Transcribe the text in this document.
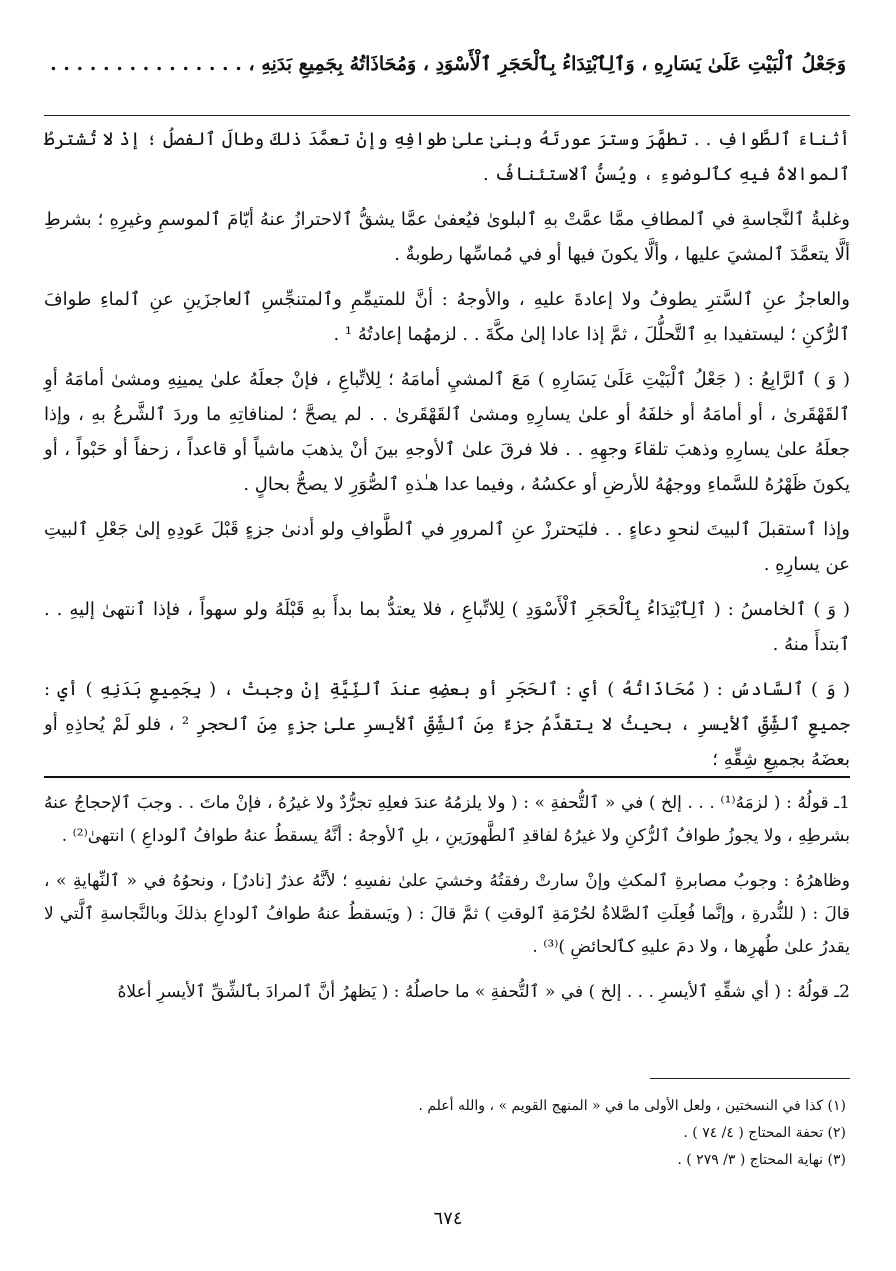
وَجَعْلُ ٱلْبَيْتِ عَلَىٰ يَسَارِهِ ، وَٱلِٱبْتِدَاءُ بِٱلْحَجَرِ ٱلْأَسْوَدِ ، وَمُحَاذَاتُهُ بِجَمِيعِ بَدَنِهِ ، . . . . . . . . . . . . . . .

أثناءَ ٱلطَّوافِ . . تطهَّرَ وسترَ عورتَهُ وبنىٰ علىٰ طوافِهِ وإنْ تعمَّدَ ذلكَ وطالَ ٱلفصلُ ؛ إذْ لا تُشترطُ ٱلموالاةُ فيهِ كٱلوضوءِ ، ويُسنُّ ٱلاستئنافُ .

وغلبةُ ٱلنَّجاسةِ في ٱلمطافِ ممَّا عمَّتْ بهِ ٱلبلوىٰ فيُعفىٰ عمَّا يشقُّ ٱلاحترازُ عنهُ أيّامَ ٱلموسمِ وغيرِهِ ؛ بشرطِ ألَّا يتعمَّدَ ٱلمشيَ عليها ، وألَّا يكونَ فيها أو في مُماسِّها رطوبةٌ .

والعاجزُ عنِ ٱلسَّترِ يطوفُ ولا إعادةَ عليهِ ، والأوجهُ : أنَّ للمتيمِّمِ وٱلمتنجِّسِ ٱلعاجزَينِ عنِ ٱلماءِ طوافَ ٱلرُّكنِ ؛ ليستفيدا بهِ ٱلتَّحلُّلَ ، ثمَّ إذا عادا إلىٰ مكَّةَ . . لزمهُما إعادتُهُ ¹ .

( وَ ) ٱلرَّابِعُ : ( جَعْلُ ٱلْبَيْتِ عَلَىٰ يَسَارِهِ ) مَعَ ٱلمشيِ أمامَهُ ؛ لِلاتِّباعِ ، فإنْ جعلَهُ علىٰ يمينِهِ ومشىٰ أمامَهُ أوِ ٱلقَهْقَرىٰ ، أو أمامَهُ أو خلفَهُ أو علىٰ يسارِهِ ومشىٰ ٱلقَهْقَرىٰ . . لم يصحَّ ؛ لمنافاتِهِ ما وردَ ٱلشَّرعُ بهِ ، وإذا جعلَهُ علىٰ يسارِهِ وذهبَ تلقاءَ وجهِهِ . . فلا فرقَ علىٰ ٱلأوجهِ بينَ أنْ يذهبَ ماشياً أو قاعداً ، زحفاً أو حَبْواً ، أو يكونَ ظَهْرُهُ للسَّماءِ ووجهُهُ للأرضِ أو عكسُهُ ، وفيما عدا هـٰذهِ ٱلصُّوَرِ لا يصحُّ بحالٍ .

وإذا ٱستقبلَ ٱلبيتَ لنحوِ دعاءٍ . . فليَحترزْ عنِ ٱلمرورِ في ٱلطَّوافِ ولو أدنىٰ جزءٍ قَبْلَ عَودِهِ إلىٰ جَعْلِ ٱلبيتِ عن يسارِهِ .

( وَ ) ٱلخامسُ : ( ٱلِٱبْتِدَاءُ بِٱلْحَجَرِ ٱلْأَسْوَدِ ) لِلاتِّباعِ ، فلا يعتدُّ بما بدأَ بهِ قَبْلَهُ ولو سهواً ، فإذا ٱنتهىٰ إليهِ . . ٱبتدأَ منهُ .

( وَ ) ٱلسَّادسُ : ( مُحَاذَاتُهُ ) أي : ٱلحَجَرِ أو بعضِهِ عندَ ٱلنِّيَّةِ إنْ وجبتْ ، ( بِجَمِيعِ بَدَنِهِ ) أي : جميعِ ٱلشِّقِّ ٱلأيسرِ ، بحيثُ لا يتقدَّمُ جزءٌ مِنَ ٱلشِّقِّ ٱلأيسرِ علىٰ جزءٍ مِنَ ٱلحجرِ ² ، فلو لَمْ يُحاذِهِ أو بعضَهُ بجميعِ شِقِّهِ ؛

1ـ قولُهُ : ( لزمَهُ⁽¹⁾ . . . إلخ ) في « ٱلتُّحفةِ » : ( ولا يلزمُهُ عندَ فعلِهِ تجرُّدٌ ولا غيرُهُ ، فإنْ ماتَ . . وجبَ ٱلإحجاجُ عنهُ بشرطِهِ ، ولا يجوزُ طوافُ ٱلرُّكنِ ولا غيرُهُ لفاقدِ ٱلطَّهورَينِ ، بلِ ٱلأوجهُ : أنَّهُ يسقطُ عنهُ طوافُ ٱلوداعِ ) انتهىٰ⁽²⁾ .

وظاهرُهُ : وجوبُ مصابرةِ ٱلمكثِ وإنْ سارتْ رفقتُهُ وخشيَ علىٰ نفسِهِ ؛ لأنَّهُ عذرٌ [نادرٌ] ، ونحوُهُ في « ٱلنِّهايةِ » ، قالَ : ( للنُّدرةِ ، وإنَّما فُعِلَتِ ٱلصَّلاةُ لحُرْمَةِ ٱلوقتِ ) ثمَّ قالَ : ( ويَسقطُ عنهُ طوافُ ٱلوداعِ بذلكَ وبالنَّجاسةِ ٱلَّتي لا يقدرُ علىٰ طُهرِها ، ولا دمَ عليهِ كٱلحائضِ )⁽³⁾ .

2ـ قولُهُ : ( أي شقِّهِ ٱلأيسرِ . . . إلخ ) في « ٱلتُّحفةِ » ما حاصلُهُ : ( يَظهرُ أنَّ ٱلمرادَ بٱلشِّقِّ ٱلأيسرِ أعلاهُ

(١) كذا في النسختين ، ولعل الأولى ما في « المنهج القويم » ، والله أعلم .
(٢) تحفة المحتاج ( ٤/ ٧٤ ) .
(٣) نهاية المحتاج ( ٣/ ٢٧٩ ) .
٦٧٤
